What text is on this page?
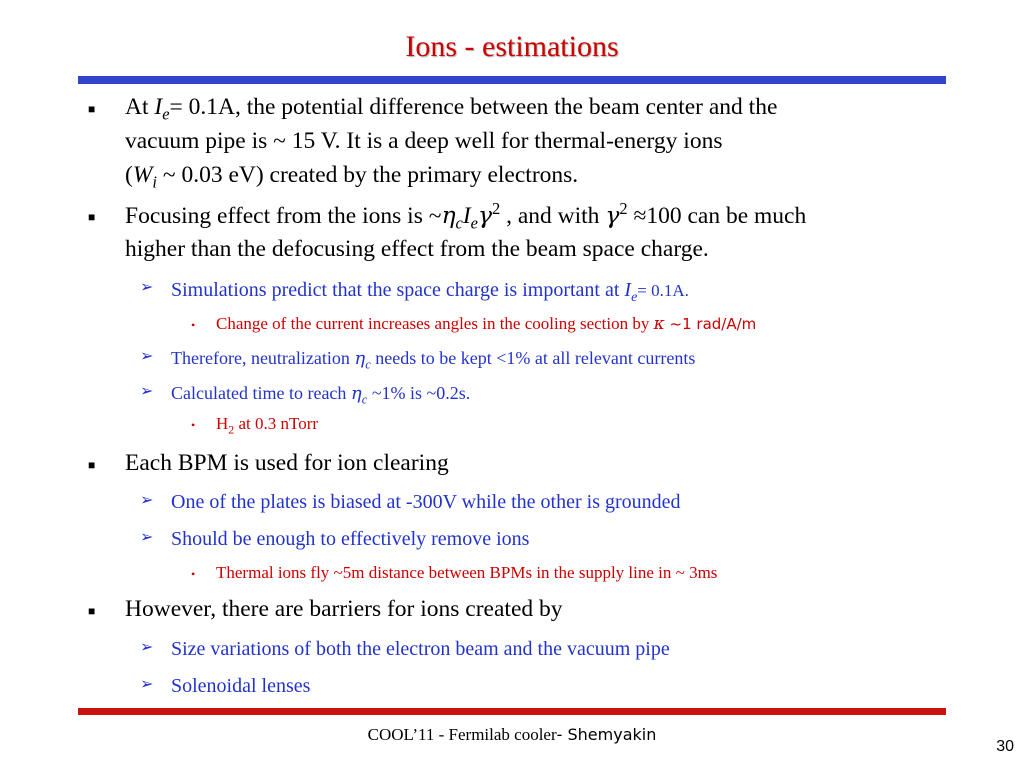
Ions - estimations
■ At $I_e= 0.1A$, the potential difference between the beam center and the
vacuum pipe is ~ 15 V. It is a deep well for thermal-energy ions
($W_i$ ~ 0.03 eV) created by the primary electrons.
■ Focusing effect from the ions is $\sim\eta_cI_e\gamma^2$ , and with $\gamma^2 \approx 100$ can be much
higher than the defocusing effect from the beam space charge.
➢ Simulations predict that the space charge is important at $I_e= 0.1A$.
• Change of the current increases angles in the cooling section by κ ~1 rad/A/m
➢ Therefore, neutralization $\eta_c$ needs to be kept <1% at all relevant currents
➢ Calculated time to reach $\eta_c$ ~1% is ~0.2s.
• $H_2$ at 0.3 nTorr
■ Each BPM is used for ion clearing
➢ One of the plates is biased at -300V while the other is grounded
➢ Should be enough to effectively remove ions
• Thermal ions fly ~5m distance between BPMs in the supply line in ~ 3ms
■ However, there are barriers for ions created by
➢ Size variations of both the electron beam and the vacuum pipe
➢ Solenoidal lenses
COOL’11 - Fermilab cooler- Shemyakin
30
